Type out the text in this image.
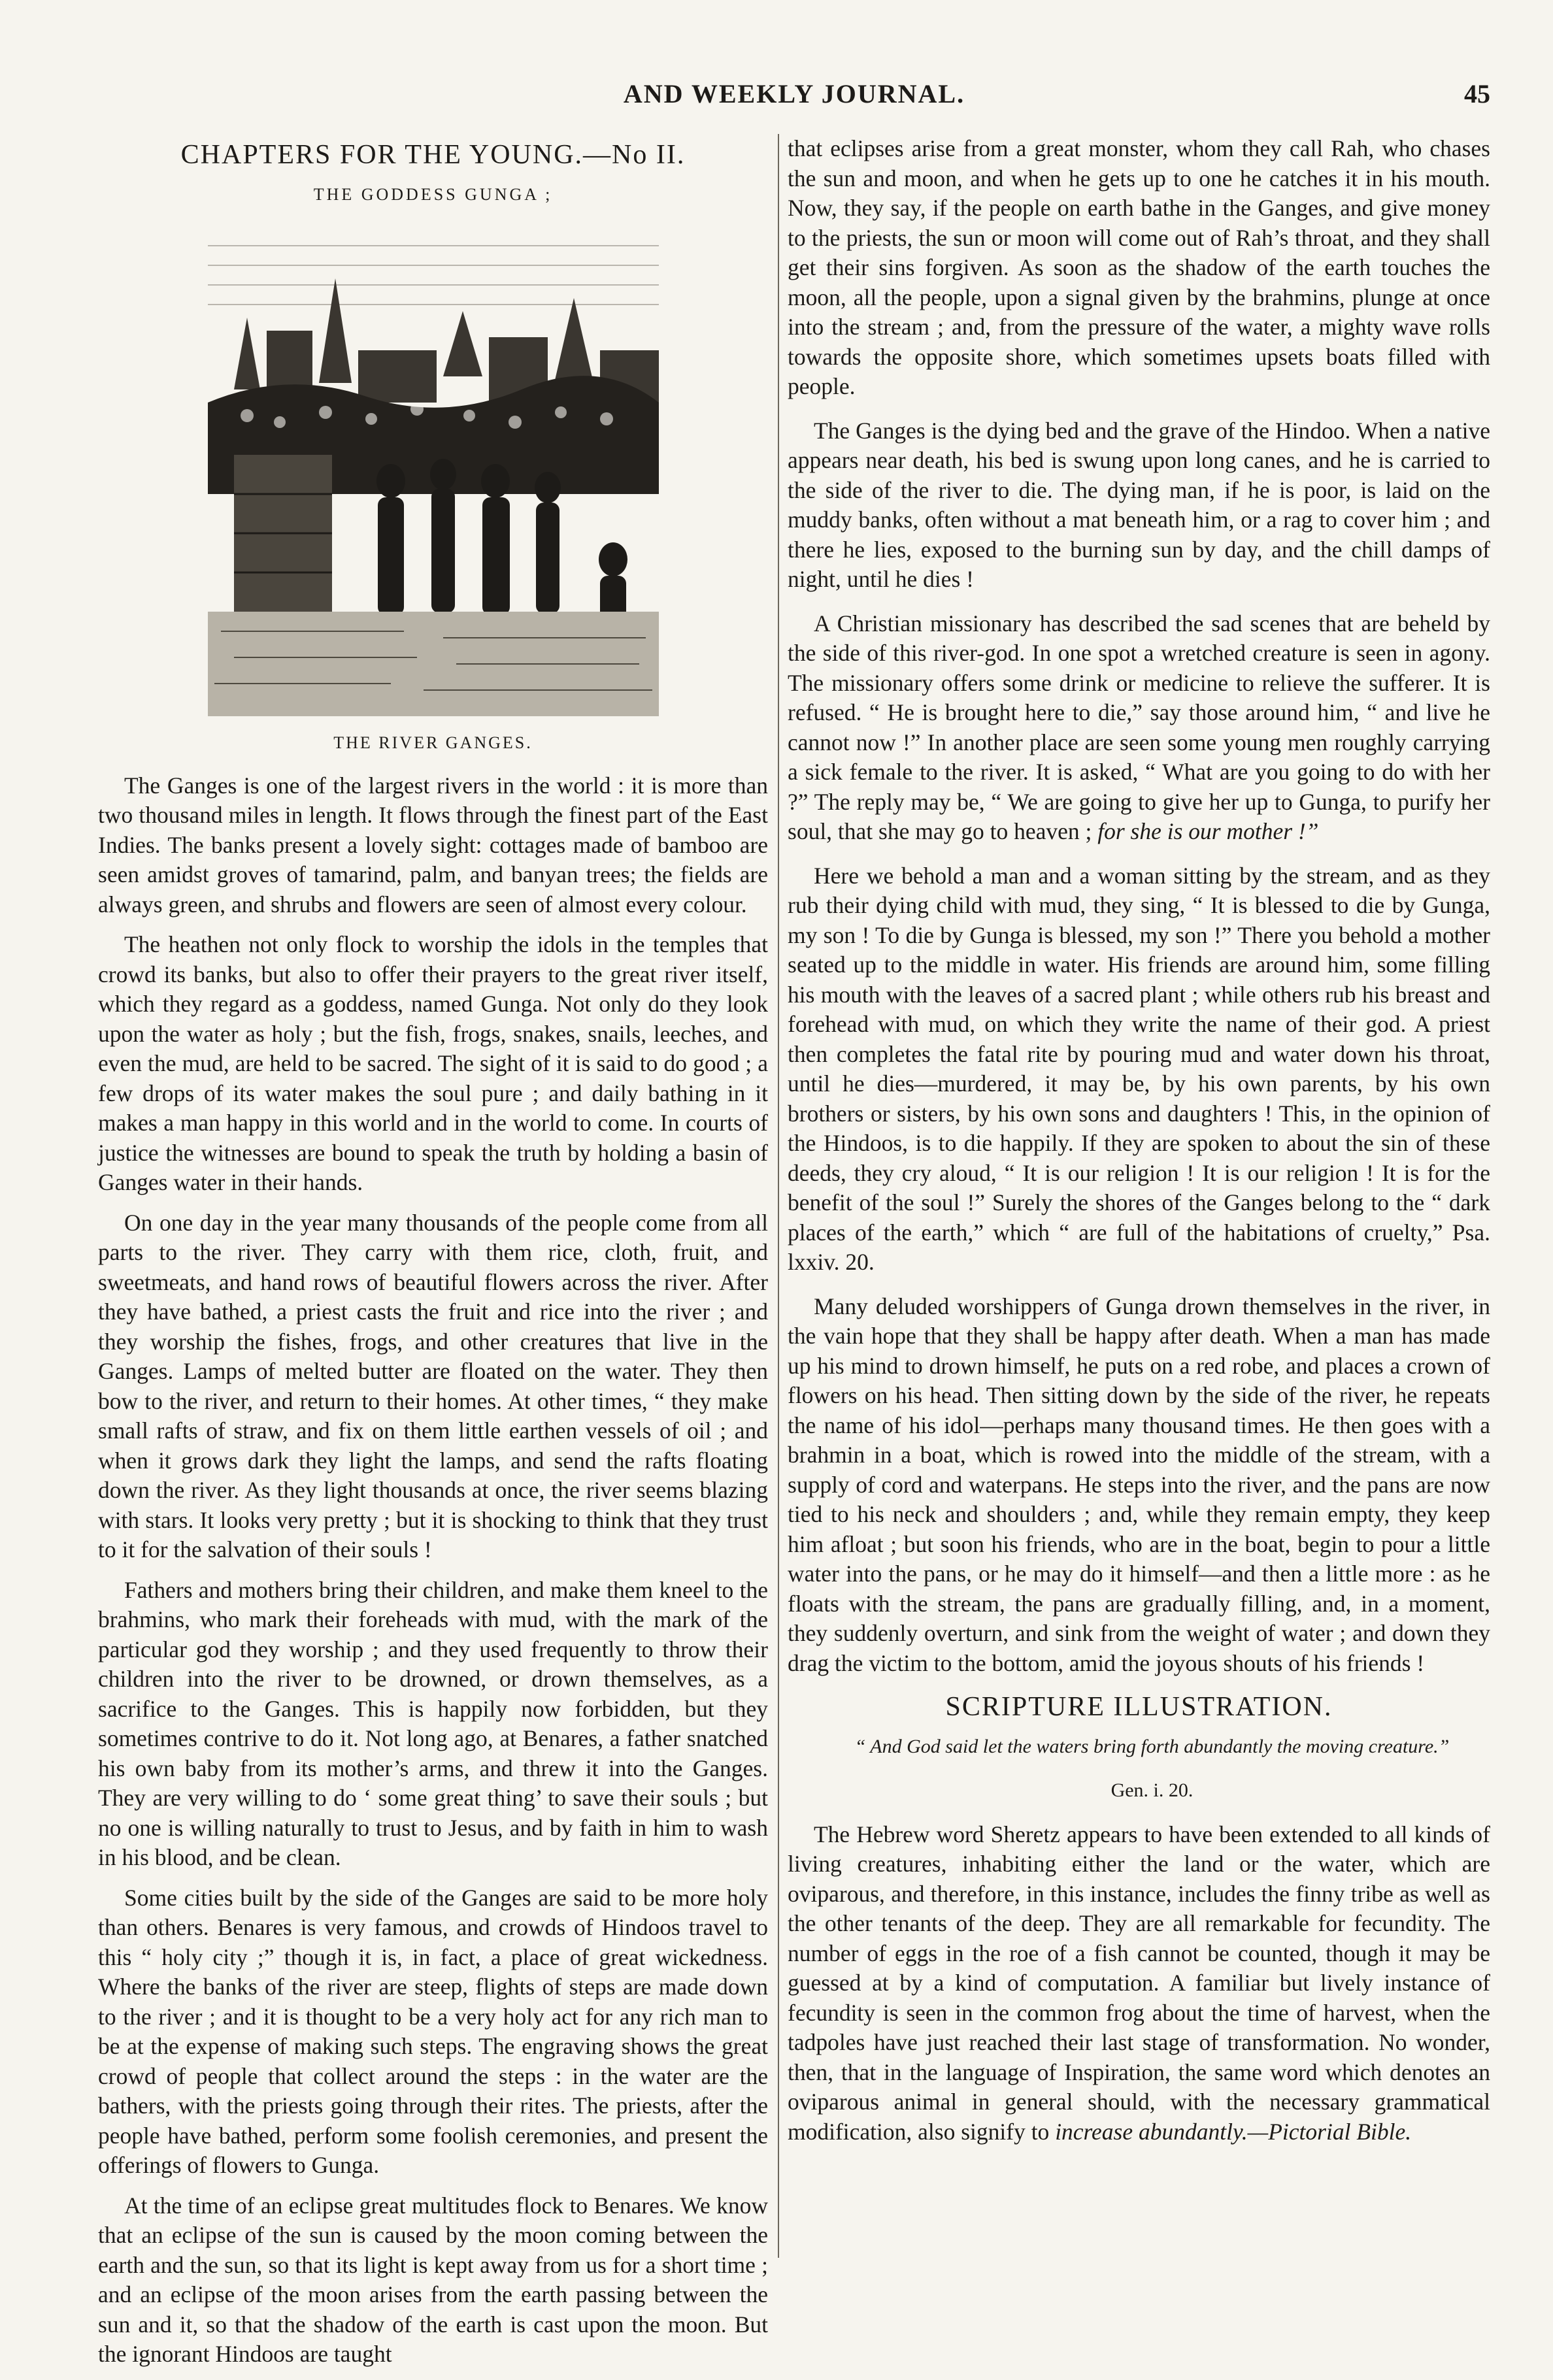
AND WEEKLY JOURNAL.	45
CHAPTERS FOR THE YOUNG.—No II.
THE GODDESS GUNGA ;
THE RIVER GANGES.

The Ganges is one of the largest rivers in the world : it is more than two thousand miles in length. It flows through the finest part of the East Indies. The banks present a lovely sight: cottages made of bamboo are seen amidst groves of tamarind, palm, and banyan trees; the fields are always green, and shrubs and flowers are seen of almost every colour.

The heathen not only flock to worship the idols in the temples that crowd its banks, but also to offer their prayers to the great river itself, which they regard as a goddess, named Gunga. Not only do they look upon the water as holy ; but the fish, frogs, snakes, snails, leeches, and even the mud, are held to be sacred. The sight of it is said to do good ; a few drops of its water makes the soul pure ; and daily bathing in it makes a man happy in this world and in the world to come. In courts of justice the witnesses are bound to speak the truth by holding a basin of Ganges water in their hands.

On one day in the year many thousands of the people come from all parts to the river. They carry with them rice, cloth, fruit, and sweetmeats, and hand rows of beautiful flowers across the river. After they have bathed, a priest casts the fruit and rice into the river ; and they worship the fishes, frogs, and other creatures that live in the Ganges. Lamps of melted butter are floated on the water. They then bow to the river, and return to their homes. At other times, “ they make small rafts of straw, and fix on them little earthen vessels of oil ; and when it grows dark they light the lamps, and send the rafts floating down the river. As they light thousands at once, the river seems blazing with stars. It looks very pretty ; but it is shocking to think that they trust to it for the salvation of their souls !

Fathers and mothers bring their children, and make them kneel to the brahmins, who mark their foreheads with mud, with the mark of the particular god they worship ; and they used frequently to throw their children into the river to be drowned, or drown themselves, as a sacrifice to the Ganges. This is happily now forbidden, but they sometimes contrive to do it. Not long ago, at Benares, a father snatched his own baby from its mother’s arms, and threw it into the Ganges. They are very willing to do ‘ some great thing’ to save their souls ; but no one is willing naturally to trust to Jesus, and by faith in him to wash in his blood, and be clean.

Some cities built by the side of the Ganges are said to be more holy than others. Benares is very famous, and crowds of Hindoos travel to this “ holy city ;” though it is, in fact, a place of great wickedness. Where the banks of the river are steep, flights of steps are made down to the river ; and it is thought to be a very holy act for any rich man to be at the expense of making such steps. The engraving shows the great crowd of people that collect around the steps : in the water are the bathers, with the priests going through their rites. The priests, after the people have bathed, perform some foolish ceremonies, and present the offerings of flowers to Gunga.

At the time of an eclipse great multitudes flock to Benares. We know that an eclipse of the sun is caused by the moon coming between the earth and the sun, so that its light is kept away from us for a short time ; and an eclipse of the moon arises from the earth passing between the sun and it, so that the shadow of the earth is cast upon the moon. But the ignorant Hindoos are taught

that eclipses arise from a great monster, whom they call Rah, who chases the sun and moon, and when he gets up to one he catches it in his mouth. Now, they say, if the people on earth bathe in the Ganges, and give money to the priests, the sun or moon will come out of Rah’s throat, and they shall get their sins forgiven. As soon as the shadow of the earth touches the moon, all the people, upon a signal given by the brahmins, plunge at once into the stream ; and, from the pressure of the water, a mighty wave rolls towards the opposite shore, which sometimes upsets boats filled with people.

The Ganges is the dying bed and the grave of the Hindoo. When a native appears near death, his bed is swung upon long canes, and he is carried to the side of the river to die. The dying man, if he is poor, is laid on the muddy banks, often without a mat beneath him, or a rag to cover him ; and there he lies, exposed to the burning sun by day, and the chill damps of night, until he dies !

A Christian missionary has described the sad scenes that are beheld by the side of this river-god. In one spot a wretched creature is seen in agony. The missionary offers some drink or medicine to relieve the sufferer. It is refused. “ He is brought here to die,” say those around him, “ and live he cannot now !” In another place are seen some young men roughly carrying a sick female to the river. It is asked, “ What are you going to do with her ?” The reply may be, “ We are going to give her up to Gunga, to purify her soul, that she may go to heaven ; for she is our mother !”

Here we behold a man and a woman sitting by the stream, and as they rub their dying child with mud, they sing, “ It is blessed to die by Gunga, my son ! To die by Gunga is blessed, my son !” There you behold a mother seated up to the middle in water. His friends are around him, some filling his mouth with the leaves of a sacred plant ; while others rub his breast and forehead with mud, on which they write the name of their god. A priest then completes the fatal rite by pouring mud and water down his throat, until he dies—murdered, it may be, by his own parents, by his own brothers or sisters, by his own sons and daughters ! This, in the opinion of the Hindoos, is to die happily. If they are spoken to about the sin of these deeds, they cry aloud, “ It is our religion ! It is our religion ! It is for the benefit of the soul !” Surely the shores of the Ganges belong to the “ dark places of the earth,” which “ are full of the habitations of cruelty,” Psa. lxxiv. 20.

Many deluded worshippers of Gunga drown themselves in the river, in the vain hope that they shall be happy after death. When a man has made up his mind to drown himself, he puts on a red robe, and places a crown of flowers on his head. Then sitting down by the side of the river, he repeats the name of his idol—perhaps many thousand times. He then goes with a brahmin in a boat, which is rowed into the middle of the stream, with a supply of cord and waterpans. He steps into the river, and the pans are now tied to his neck and shoulders ; and, while they remain empty, they keep him afloat ; but soon his friends, who are in the boat, begin to pour a little water into the pans, or he may do it himself—and then a little more : as he floats with the stream, the pans are gradually filling, and, in a moment, they suddenly overturn, and sink from the weight of water ; and down they drag the victim to the bottom, amid the joyous shouts of his friends !

SCRIPTURE ILLUSTRATION.

“ And God said let the waters bring forth abundantly the moving creature.”

Gen. i. 20.

The Hebrew word Sheretz appears to have been extended to all kinds of living creatures, inhabiting either the land or the water, which are oviparous, and therefore, in this instance, includes the finny tribe as well as the other tenants of the deep. They are all remarkable for fecundity. The number of eggs in the roe of a fish cannot be counted, though it may be guessed at by a kind of computation. A familiar but lively instance of fecundity is seen in the common frog about the time of harvest, when the tadpoles have just reached their last stage of transformation. No wonder, then, that in the language of Inspiration, the same word which denotes an oviparous animal in general should, with the necessary grammatical modification, also signify to increase abundantly.—Pictorial Bible.
